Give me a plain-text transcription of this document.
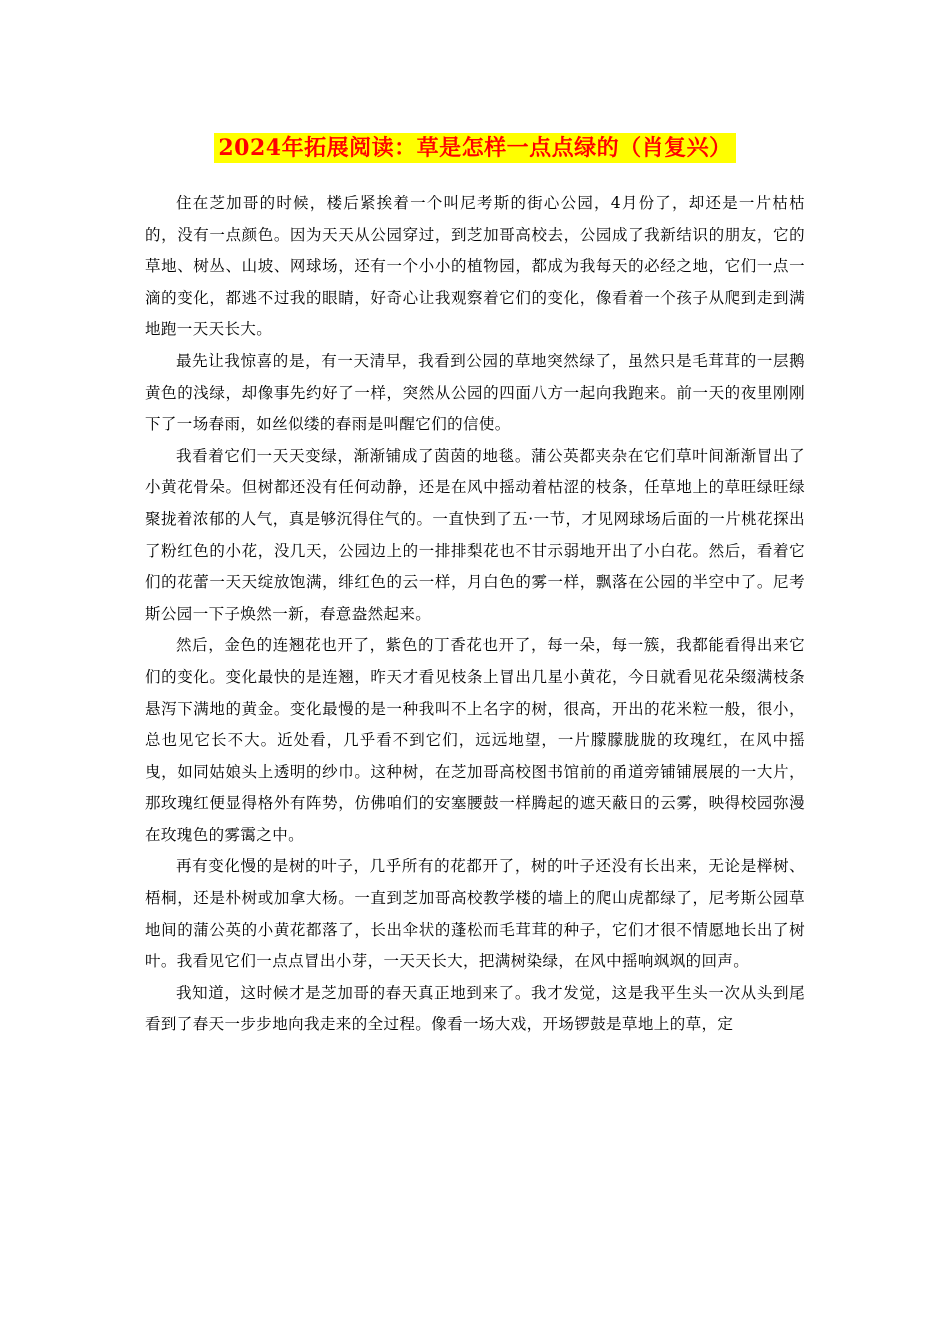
2024年拓展阅读：草是怎样一点点绿的（肖复兴）

住在芝加哥的时候，楼后紧挨着一个叫尼考斯的街心公园，4月份了，却还是一片枯枯的，没有一点颜色。因为天天从公园穿过，到芝加哥高校去，公园成了我新结识的朋友，它的草地、树丛、山坡、网球场，还有一个小小的植物园，都成为我每天的必经之地，它们一点一滴的变化，都逃不过我的眼睛，好奇心让我观察着它们的变化，像看着一个孩子从爬到走到满地跑一天天长大。

最先让我惊喜的是，有一天清早，我看到公园的草地突然绿了，虽然只是毛茸茸的一层鹅黄色的浅绿，却像事先约好了一样，突然从公园的四面八方一起向我跑来。前一天的夜里刚刚下了一场春雨，如丝似缕的春雨是叫醒它们的信使。

我看着它们一天天变绿，渐渐铺成了茵茵的地毯。蒲公英都夹杂在它们草叶间渐渐冒出了小黄花骨朵。但树都还没有任何动静，还是在风中摇动着枯涩的枝条，任草地上的草旺绿旺绿聚拢着浓郁的人气，真是够沉得住气的。一直快到了五·一节，才见网球场后面的一片桃花探出了粉红色的小花，没几天，公园边上的一排排梨花也不甘示弱地开出了小白花。然后，看着它们的花蕾一天天绽放饱满，绯红色的云一样，月白色的雾一样，飘落在公园的半空中了。尼考斯公园一下子焕然一新，春意盎然起来。

然后，金色的连翘花也开了，紫色的丁香花也开了，每一朵，每一簇，我都能看得出来它们的变化。变化最快的是连翘，昨天才看见枝条上冒出几星小黄花，今日就看见花朵缀满枝条悬泻下满地的黄金。变化最慢的是一种我叫不上名字的树，很高，开出的花米粒一般，很小，总也见它长不大。近处看，几乎看不到它们，远远地望，一片朦朦胧胧的玫瑰红，在风中摇曳，如同姑娘头上透明的纱巾。这种树，在芝加哥高校图书馆前的甬道旁铺铺展展的一大片，那玫瑰红便显得格外有阵势，仿佛咱们的安塞腰鼓一样腾起的遮天蔽日的云雾，映得校园弥漫在玫瑰色的雾霭之中。

再有变化慢的是树的叶子，几乎所有的花都开了，树的叶子还没有长出来，无论是榉树、梧桐，还是朴树或加拿大杨。一直到芝加哥高校教学楼的墙上的爬山虎都绿了，尼考斯公园草地间的蒲公英的小黄花都落了，长出伞状的蓬松而毛茸茸的种子，它们才很不情愿地长出了树叶。我看见它们一点点冒出小芽，一天天长大，把满树染绿，在风中摇响飒飒的回声。

我知道，这时候才是芝加哥的春天真正地到来了。我才发觉，这是我平生头一次从头到尾看到了春天一步步地向我走来的全过程。像看一场大戏，开场锣鼓是草地上的草，定
